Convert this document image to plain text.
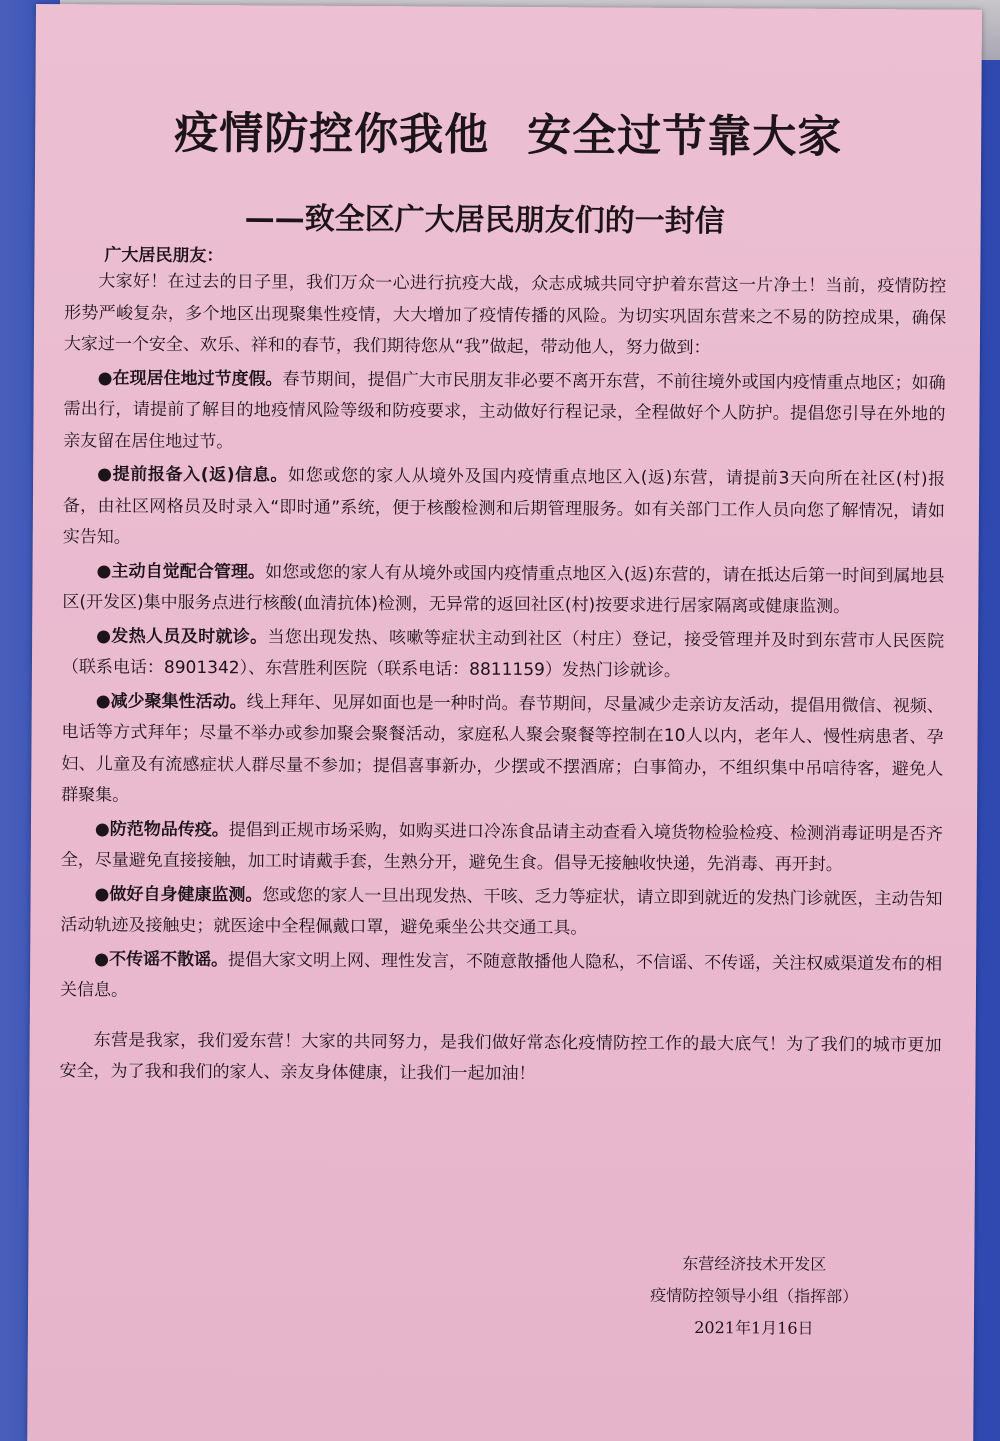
疫情防控你我他 安全过节靠大家
——致全区广大居民朋友们的一封信
广大居民朋友：

大家好！在过去的日子里，我们万众一心进行抗疫大战，众志成城共同守护着东营这一片净土！当前，疫情防控形势严峻复杂，多个地区出现聚集性疫情，大大增加了疫情传播的风险。为切实巩固东营来之不易的防控成果，确保大家过一个安全、欢乐、祥和的春节，我们期待您从“我”做起，带动他人，努力做到：

●在现居住地过节度假。春节期间，提倡广大市民朋友非必要不离开东营，不前往境外或国内疫情重点地区；如确需出行，请提前了解目的地疫情风险等级和防疫要求，主动做好行程记录，全程做好个人防护。提倡您引导在外地的亲友留在居住地过节。

●提前报备入(返)信息。如您或您的家人从境外及国内疫情重点地区入(返)东营，请提前3天向所在社区(村)报备，由社区网格员及时录入“即时通”系统，便于核酸检测和后期管理服务。如有关部门工作人员向您了解情况，请如实告知。

●主动自觉配合管理。如您或您的家人有从境外或国内疫情重点地区入(返)东营的，请在抵达后第一时间到属地县区(开发区)集中服务点进行核酸(血清抗体)检测，无异常的返回社区(村)按要求进行居家隔离或健康监测。

●发热人员及时就诊。当您出现发热、咳嗽等症状主动到社区（村庄）登记，接受管理并及时到东营市人民医院（联系电话：8901342）、东营胜利医院（联系电话：8811159）发热门诊就诊。

●减少聚集性活动。线上拜年、见屏如面也是一种时尚。春节期间，尽量减少走亲访友活动，提倡用微信、视频、电话等方式拜年；尽量不举办或参加聚会聚餐活动，家庭私人聚会聚餐等控制在10人以内，老年人、慢性病患者、孕妇、儿童及有流感症状人群尽量不参加；提倡喜事新办，少摆或不摆酒席；白事简办，不组织集中吊唁待客，避免人群聚集。

●防范物品传疫。提倡到正规市场采购，如购买进口冷冻食品请主动查看入境货物检验检疫、检测消毒证明是否齐全，尽量避免直接接触，加工时请戴手套，生熟分开，避免生食。倡导无接触收快递，先消毒、再开封。

●做好自身健康监测。您或您的家人一旦出现发热、干咳、乏力等症状，请立即到就近的发热门诊就医，主动告知活动轨迹及接触史；就医途中全程佩戴口罩，避免乘坐公共交通工具。

●不传谣不散谣。提倡大家文明上网、理性发言，不随意散播他人隐私，不信谣、不传谣，关注权威渠道发布的相关信息。

东营是我家，我们爱东营！大家的共同努力，是我们做好常态化疫情防控工作的最大底气！为了我们的城市更加安全，为了我和我们的家人、亲友身体健康，让我们一起加油！

东营经济技术开发区
疫情防控领导小组（指挥部）
2021年1月16日
